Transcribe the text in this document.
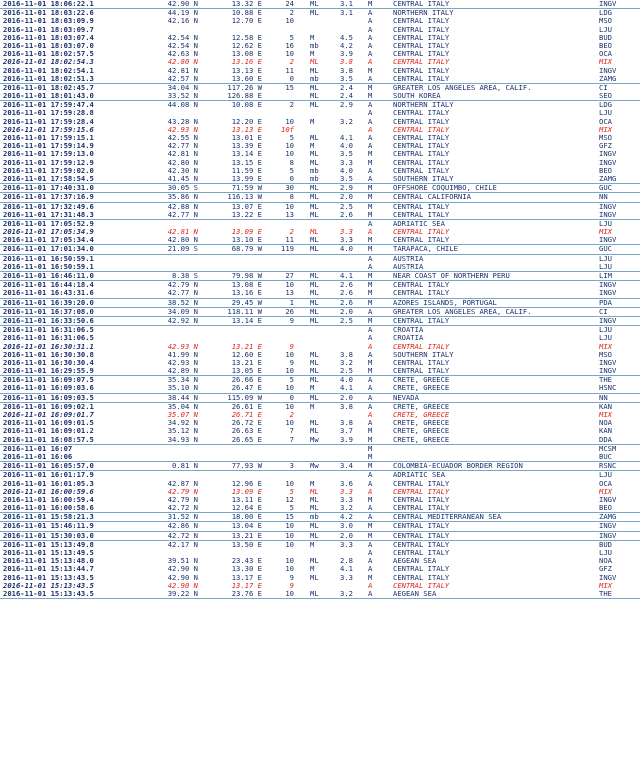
2016-11-01 18:06:22.1	42.90 N	13.32 E	24 ML	3.1 M	CENTRAL ITALY	INGV
2016-11-01 18:03:22.6	44.19 N	10.88 E	2 ML	3.1 A	NORTHERN ITALY	LDG
2016-11-01 18:03:09.9	42.16 N	12.70 E	10	A	CENTRAL ITALY	MSO
2016-11-01 18:03:09.7	A	CENTRAL ITALY	LJU
2016-11-01 18:03:07.4	42.54 N	12.58 E	5 M	4.5 A	CENTRAL ITALY	BUD
2016-11-01 18:03:07.0	42.54 N	12.62 E	16 mb	4.2 A	CENTRAL ITALY	BEO
2016-11-01 18:02:57.5	42.63 N	13.08 E	10 M	3.9 A	CENTRAL ITALY	OCA
2016-11-01 18:02:54.3	42.80 N	13.16 E	2 ML	3.8 A	CENTRAL ITALY	MIX
2016-11-01 18:02:54.1	42.81 N	13.13 E	11 ML	3.8 M	CENTRAL ITALY	INGV
2016-11-01 18:02:51.3	42.57 N	13.60 E	0 mb	3.5 A	CENTRAL ITALY	ZAMG
2016-11-01 18:02:45.7	34.04 N	117.26 W	15 ML	2.4 M	GREATER LOS ANGELES AREA, CALIF.	CI
2016-11-01 18:01:43.0	33.52 N	126.88 E	ML	2.4 M	SOUTH KOREA	SEO
2016-11-01 17:59:47.4	44.08 N	10.08 E	2 ML	2.9 A	NORTHERN ITALY	LDG
2016-11-01 17:59:28.8	A	CENTRAL ITALY	LJU
2016-11-01 17:59:28.4	43.28 N	12.20 E	10 M	3.2 A	CENTRAL ITALY	OCA
2016-11-01 17:59:15.6	42.93 N	13.13 E	10f	A	CENTRAL ITALY	MIX
2016-11-01 17:59:15.1	42.55 N	13.01 E	5 ML	4.1 A	CENTRAL ITALY	MSO
2016-11-01 17:59:14.9	42.77 N	13.39 E	10 M	4.0 A	CENTRAL ITALY	GFZ
2016-11-01 17:59:13.0	42.81 N	13.14 E	10 ML	3.5 M	CENTRAL ITALY	INGV
2016-11-01 17:59:12.9	42.80 N	13.15 E	8 ML	3.3 M	CENTRAL ITALY	INGV
2016-11-01 17:59:02.0	42.30 N	11.59 E	5 mb	4.0 A	CENTRAL ITALY	BEO
2016-11-01 17:58:54.5	41.45 N	13.99 E	0 mb	3.5 A	SOUTHERN ITALY	ZAMG
2016-11-01 17:40:31.0	30.05 S	71.59 W	30 ML	2.9 M	OFFSHORE COQUIMBO, CHILE	GUC
2016-11-01 17:37:16.9	35.86 N	116.13 W	8 ML	2.0 M	CENTRAL CALIFORNIA	NN
2016-11-01 17:32:49.6	42.88 N	13.07 E	10 ML	2.5 M	CENTRAL ITALY	INGV
2016-11-01 17:31:48.3	42.77 N	13.22 E	13 ML	2.6 M	CENTRAL ITALY	INGV
2016-11-01 17:05:52.9	A	ADRIATIC SEA	LJU
2016-11-01 17:05:34.9	42.81 N	13.09 E	2 ML	3.3 A	CENTRAL ITALY	MIX
2016-11-01 17:05:34.4	42.80 N	13.10 E	11 ML	3.3 M	CENTRAL ITALY	INGV
2016-11-01 17:01:34.0	21.09 S	68.79 W	119 ML	4.0 M	TARAPACA, CHILE	GUC
2016-11-01 16:50:59.1	A	AUSTRIA	LJU
2016-11-01 16:50:59.1	A	AUSTRIA	LJU
2016-11-01 16:46:11.0	8.38 S	79.98 W	27 ML	4.1 M	NEAR COAST OF NORTHERN PERU	LIM
2016-11-01 16:44:18.4	42.79 N	13.08 E	10 ML	2.6 M	CENTRAL ITALY	INGV
2016-11-01 16:43:31.6	42.77 N	13.16 E	13 ML	2.6 M	CENTRAL ITALY	INGV
2016-11-01 16:39:20.0	38.52 N	29.45 W	1 ML	2.6 M	AZORES ISLANDS, PORTUGAL	PDA
2016-11-01 16:37:08.0	34.09 N	118.11 W	26 ML	2.0 A	GREATER LOS ANGELES AREA, CALIF.	CI
2016-11-01 16:33:50.6	42.92 N	13.14 E	9 ML	2.5 M	CENTRAL ITALY	INGV
2016-11-01 16:31:06.5	A	CROATIA	LJU
2016-11-01 16:31:06.5	A	CROATIA	LJU
2016-11-01 16:30:31.1	42.93 N	13.21 E	9	A	CENTRAL ITALY	MIX
2016-11-01 16:30:30.8	41.99 N	12.60 E	10 ML	3.8 A	SOUTHERN ITALY	MSO
2016-11-01 16:30:30.4	42.93 N	13.21 E	9 ML	3.2 M	CENTRAL ITALY	INGV
2016-11-01 16:29:55.9	42.89 N	13.05 E	10 ML	2.5 M	CENTRAL ITALY	INGV
2016-11-01 16:09:07.5	35.34 N	26.66 E	5 ML	4.0 A	CRETE, GREECE	THE
2016-11-01 16:09:03.6	35.10 N	26.47 E	10 M	4.1 A	CRETE, GREECE	HSNC
2016-11-01 16:09:03.5	38.44 N	115.09 W	0 ML	2.0 A	NEVADA	NN
2016-11-01 16:09:02.1	35.04 N	26.61 E	10 M	3.8 A	CRETE, GREECE	KAN
2016-11-01 16:09:01.7	35.07 N	26.71 E	2	A	CRETE, GREECE	MIX
2016-11-01 16:09:01.5	34.92 N	26.72 E	10 ML	3.8 A	CRETE, GREECE	NOA
2016-11-01 16:09:01.2	35.12 N	26.63 E	7 ML	3.7 M	CRETE, GREECE	KAN
2016-11-01 16:08:57.5	34.93 N	26.65 E	7 Mw	3.9 M	CRETE, GREECE	DDA
2016-11-01 16:07	M	MCSM
2016-11-01 16:06	M	BUC
2016-11-01 16:05:57.0	0.81 N	77.93 W	3 Mw	3.4 M	COLOMBIA-ECUADOR BORDER REGION	RSNC
2016-11-01 16:01:17.9	A	ADRIATIC SEA	LJU
2016-11-01 16:01:05.3	42.87 N	12.96 E	10 M	3.6 A	CENTRAL ITALY	OCA
2016-11-01 16:00:59.6	42.79 N	13.09 E	5 ML	3.3 A	CENTRAL ITALY	MIX
2016-11-01 16:00:59.4	42.79 N	13.11 E	12 ML	3.3 M	CENTRAL ITALY	INGV
2016-11-01 16:00:58.6	42.72 N	12.64 E	5 ML	3.2 A	CENTRAL ITALY	BEO
2016-11-01 15:58:21.3	31.52 N	18.00 E	15 mb	4.2 A	CENTRAL MEDITERRANEAN SEA	ZAMG
2016-11-01 15:46:11.9	42.86 N	13.04 E	10 ML	3.0 M	CENTRAL ITALY	INGV
2016-11-01 15:30:03.0	42.72 N	13.21 E	10 ML	2.0 M	CENTRAL ITALY	INGV
2016-11-01 15:13:49.8	42.17 N	13.50 E	10 M	3.3 A	CENTRAL ITALY	BUD
2016-11-01 15:13:49.5	A	CENTRAL ITALY	LJU
2016-11-01 15:13:48.0	39.51 N	23.43 E	10 ML	2.8 A	AEGEAN SEA	NOA
2016-11-01 15:13:44.7	42.90 N	13.30 E	10 M	4.1 A	CENTRAL ITALY	GFZ
2016-11-01 15:13:43.5	42.90 N	13.17 E	9 ML	3.3 M	CENTRAL ITALY	INGV
2016-11-01 15:13:43.5	42.90 N	13.17 E	9	A	CENTRAL ITALY	MIX
2016-11-01 15:13:43.5	39.22 N	23.76 E	10 ML	3.2 A	AEGEAN SEA	THE
